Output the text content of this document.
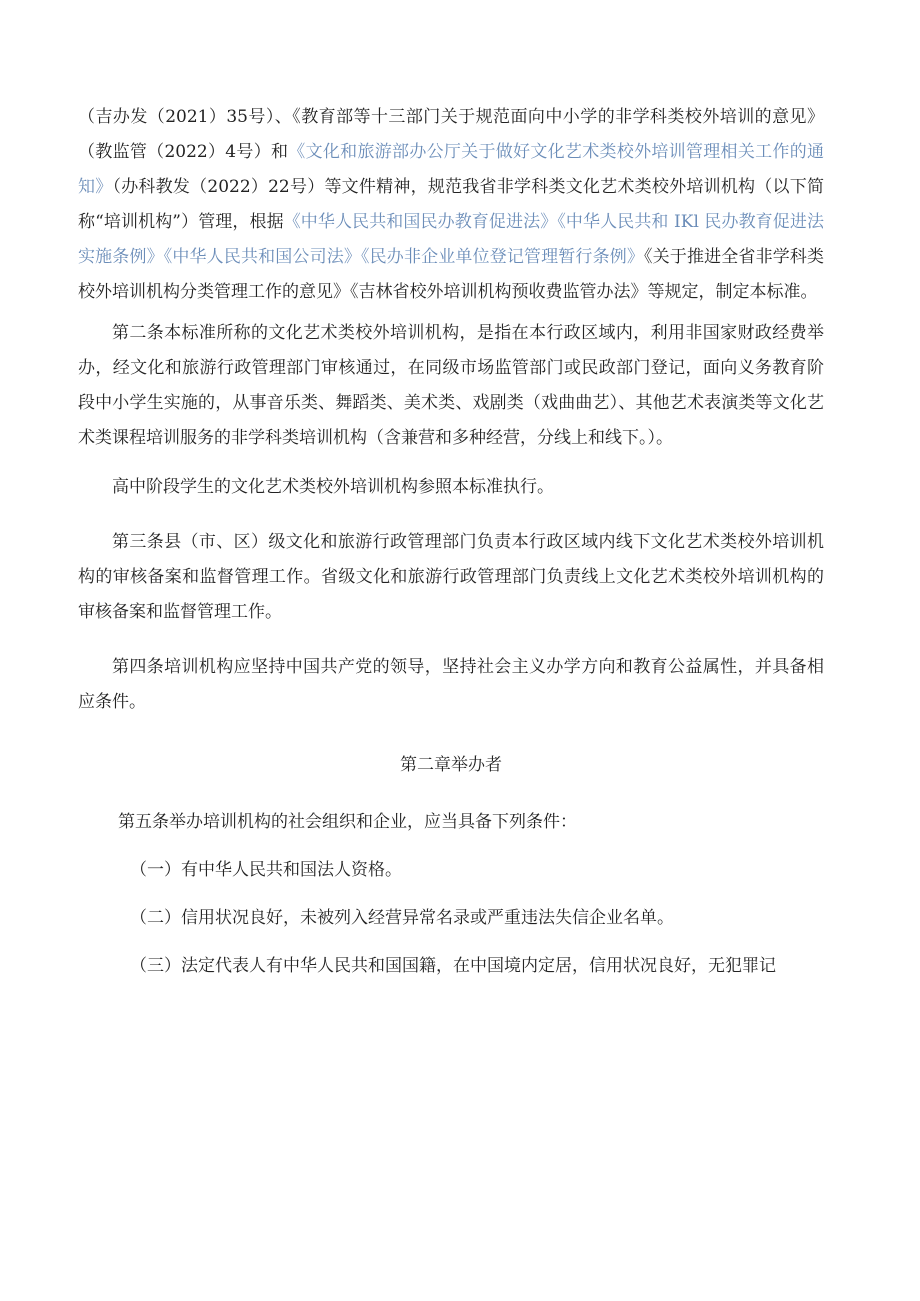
（吉办发（2021）35号）、《教育部等十三部门关于规范面向中小学的非学科类校外培训的意见》（教监管（2022）4号）和《文化和旅游部办公厅关于做好文化艺术类校外培训管理相关工作的通知》（办科教发（2022）22号）等文件精神，规范我省非学科类文化艺术类校外培训机构（以下简称“培训机构”）管理，根据《中华人民共和国民办教育促进法》《中华人民共和 IKl 民办教育促进法实施条例》《中华人民共和国公司法》《民办非企业单位登记管理暂行条例》《关于推进全省非学科类校外培训机构分类管理工作的意见》《吉林省校外培训机构预收费监管办法》等规定，制定本标准。

第二条本标准所称的文化艺术类校外培训机构，是指在本行政区域内，利用非国家财政经费举办，经文化和旅游行政管理部门审核通过，在同级市场监管部门或民政部门登记，面向义务教育阶段中小学生实施的，从事音乐类、舞蹈类、美术类、戏剧类（戏曲曲艺）、其他艺术表演类等文化艺术类课程培训服务的非学科类培训机构（含兼营和多种经营，分线上和线下。）。

高中阶段学生的文化艺术类校外培训机构参照本标准执行。

第三条县（市、区）级文化和旅游行政管理部门负责本行政区域内线下文化艺术类校外培训机构的审核备案和监督管理工作。省级文化和旅游行政管理部门负责线上文化艺术类校外培训机构的审核备案和监督管理工作。

第四条培训机构应坚持中国共产党的领导，坚持社会主义办学方向和教育公益属性，并具备相应条件。

第二章举办者

第五条举办培训机构的社会组织和企业，应当具备下列条件：

（一）有中华人民共和国法人资格。

（二）信用状况良好，未被列入经营异常名录或严重违法失信企业名单。

（三）法定代表人有中华人民共和国国籍，在中国境内定居，信用状况良好，无犯罪记
